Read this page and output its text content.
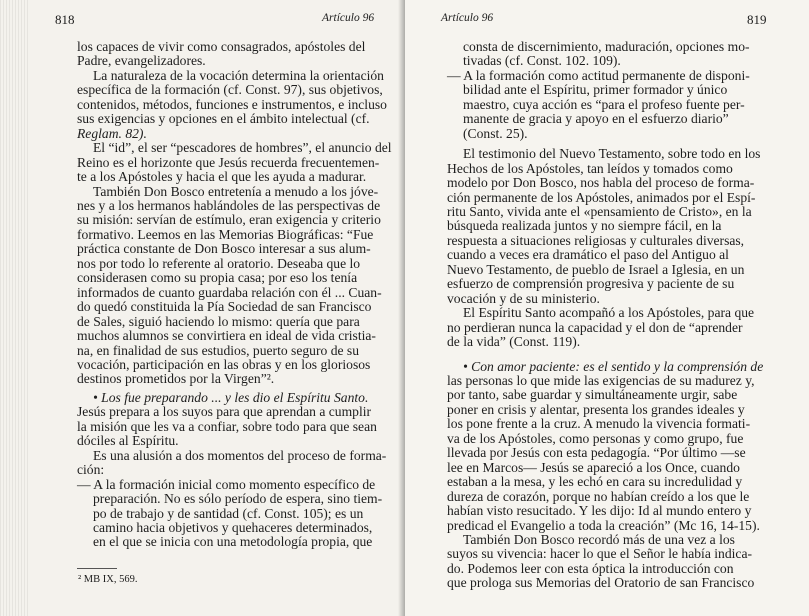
818	Artículo 96

los capaces de vivir como consagrados, apóstoles del

Padre, evangelizadores.

La naturaleza de la vocación determina la orientación

específica de la formación (cf. Const. 97), sus objetivos,

contenidos, métodos, funciones e instrumentos, e incluso

sus exigencias y opciones en el ámbito intelectual (cf.

Reglam. 82).

El “id”, el ser “pescadores de hombres”, el anuncio del

Reino es el horizonte que Jesús recuerda frecuentemen-

te a los Apóstoles y hacia el que les ayuda a madurar.

También Don Bosco entretenía a menudo a los jóve-

nes y a los hermanos hablándoles de las perspectivas de

su misión: servían de estímulo, eran exigencia y criterio

formativo. Leemos en las Memorias Biográficas: “Fue

práctica constante de Don Bosco interesar a sus alum-

nos por todo lo referente al oratorio. Deseaba que lo

considerasen como su propia casa; por eso los tenía

informados de cuanto guardaba relación con él ... Cuan-

do quedó constituida la Pía Sociedad de san Francisco

de Sales, siguió haciendo lo mismo: quería que para

muchos alumnos se convirtiera en ideal de vida cristia-

na, en finalidad de sus estudios, puerto seguro de su

vocación, participación en las obras y en los gloriosos

destinos prometidos por la Virgen”².

• Los fue preparando ... y les dio el Espíritu Santo.

Jesús prepara a los suyos para que aprendan a cumplir

la misión que les va a confiar, sobre todo para que sean

dóciles al Espíritu.

Es una alusión a dos momentos del proceso de forma-

ción:

— A la formación inicial como momento específico de

preparación. No es sólo período de espera, sino tiem-

po de trabajo y de santidad (cf. Const. 105); es un

camino hacia objetivos y quehaceres determinados,

en el que se inicia con una metodología propia, que

² MB IX, 569.
Artículo 96	819

consta de discernimiento, maduración, opciones mo-

tivadas (cf. Const. 102. 109).

— A la formación como actitud permanente de disponi-

bilidad ante el Espíritu, primer formador y único

maestro, cuya acción es “para el profeso fuente per-

manente de gracia y apoyo en el esfuerzo diario”

(Const. 25).

El testimonio del Nuevo Testamento, sobre todo en los

Hechos de los Apóstoles, tan leídos y tomados como

modelo por Don Bosco, nos habla del proceso de forma-

ción permanente de los Apóstoles, animados por el Espí-

ritu Santo, vivida ante el «pensamiento de Cristo», en la

búsqueda realizada juntos y no siempre fácil, en la

respuesta a situaciones religiosas y culturales diversas,

cuando a veces era dramático el paso del Antiguo al

Nuevo Testamento, de pueblo de Israel a Iglesia, en un

esfuerzo de comprensión progresiva y paciente de su

vocación y de su ministerio.

El Espíritu Santo acompañó a los Apóstoles, para que

no perdieran nunca la capacidad y el don de “aprender

de la vida” (Const. 119).

• Con amor paciente: es el sentido y la comprensión de

las personas lo que mide las exigencias de su madurez y,

por tanto, sabe guardar y simultáneamente urgir, sabe

poner en crisis y alentar, presenta los grandes ideales y

los pone frente a la cruz. A menudo la vivencia formati-

va de los Apóstoles, como personas y como grupo, fue

llevada por Jesús con esta pedagogía. “Por último —se

lee en Marcos— Jesús se apareció a los Once, cuando

estaban a la mesa, y les echó en cara su incredulidad y

dureza de corazón, porque no habían creído a los que le

habían visto resucitado. Y les dijo: Id al mundo entero y

predicad el Evangelio a toda la creación” (Mc 16, 14-15).

También Don Bosco recordó más de una vez a los

suyos su vivencia: hacer lo que el Señor le había indica-

do. Podemos leer con esta óptica la introducción con

que prologa sus Memorias del Oratorio de san Francisco
